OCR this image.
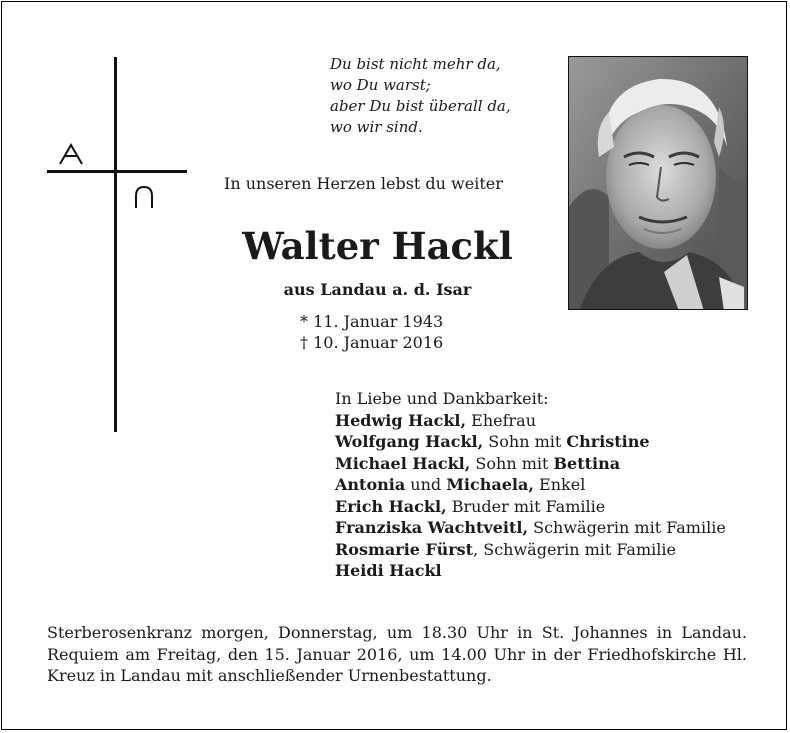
Du bist nicht mehr da,
wo Du warst;
aber Du bist überall da,
wo wir sind.
In unseren Herzen lebst du weiter
Walter Hackl
aus Landau a. d. Isar
* 11. Januar 1943
† 10. Januar 2016
In Liebe und Dankbarkeit:
Hedwig Hackl, Ehefrau
Wolfgang Hackl, Sohn mit Christine
Michael Hackl, Sohn mit Bettina
Antonia und Michaela, Enkel
Erich Hackl, Bruder mit Familie
Franziska Wachtveitl, Schwägerin mit Familie
Rosmarie Fürst, Schwägerin mit Familie
Heidi Hackl
Sterberosenkranz morgen, Donnerstag, um 18.30 Uhr in St. Johannes in Landau. Requiem am Freitag, den 15. Januar 2016, um 14.00 Uhr in der Friedhofskirche Hl. Kreuz in Landau mit anschließender Urnenbestattung.
